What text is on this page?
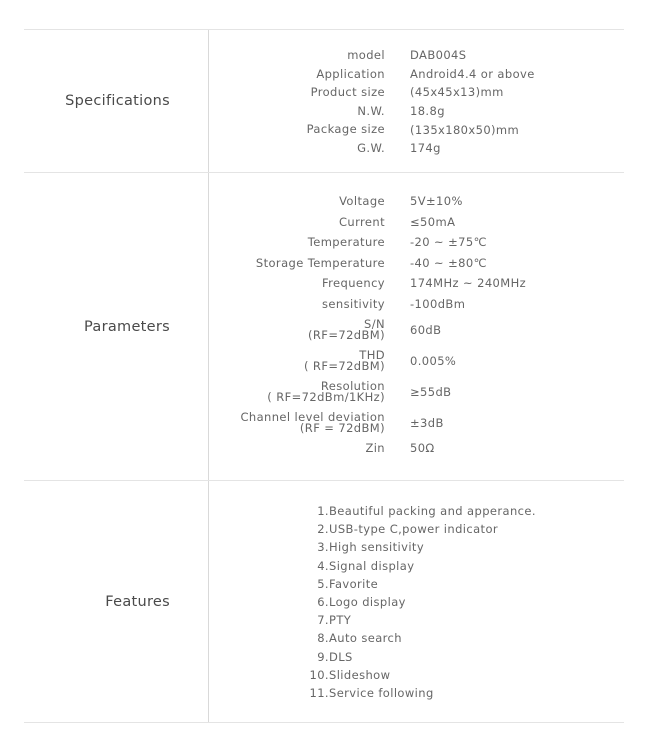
Specifications
model DAB004S
Application Android4.4 or above
Product size (45x45x13)mm
N.W. 18.8g
Package size (135x180x50)mm
G.W. 174g
Parameters
Voltage 5V±10%
Current ≤50mA
Temperature -20 ~ ±75℃
Storage Temperature -40 ~ ±80℃
Frequency 174MHz ~ 240MHz
sensitivity -100dBm
S/N
(RF=72dBM) 60dB
THD
( RF=72dBM) 0.005%
Resolution
( RF=72dBm/1KHz) ≥55dB
Channel level deviation
(RF = 72dBM) ±3dB
Zin 50Ω
Features
1. Beautiful packing and apperance.
2. USB-type C,power indicator
3. High sensitivity
4. Signal display
5. Favorite
6. Logo display
7. PTY
8. Auto search
9. DLS
10. Slideshow
11. Service following
